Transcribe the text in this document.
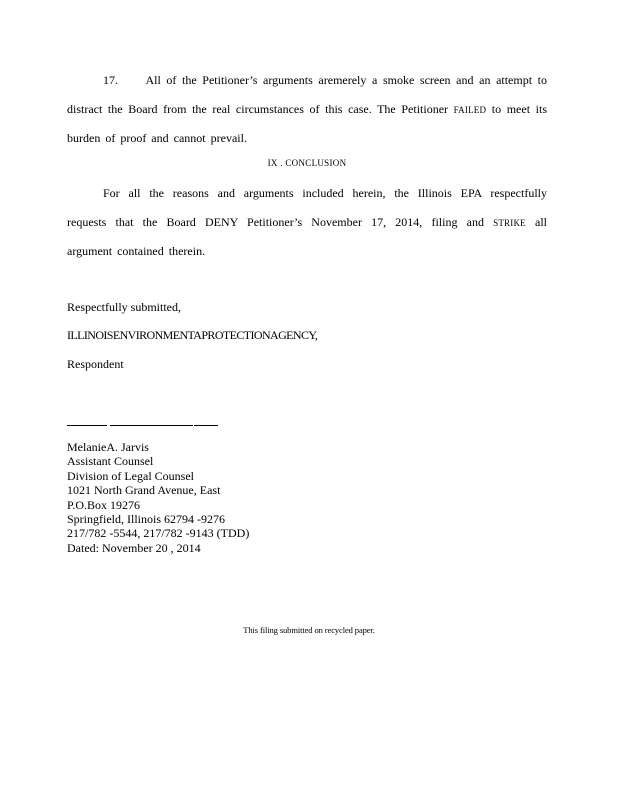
17. All of the Petitioner’s arguments aremerely a smoke screen and an attempt to distract the Board from the real circumstances of this case. The Petitioner FAILED to meet its burden of proof and cannot prevail.
IX . CONCLUSION
For all the reasons and arguments included herein, the Illinois EPA respectfully requests that the Board DENY Petitioner’s November 17, 2014, filing and STRIKE all argument contained therein.
Respectfully submitted,
ILLINOISENVIRONMENTAPROTECTIONAGENCY,
Respondent
MelanieA. Jarvis
Assistant Counsel
Division of Legal Counsel
1021 North Grand Avenue, East
P.O.Box 19276
Springfield, Illinois 62794 -9276
217/782 -5544, 217/782 -9143 (TDD)
Dated: November 20 , 2014
This filing submitted on recycled paper.
